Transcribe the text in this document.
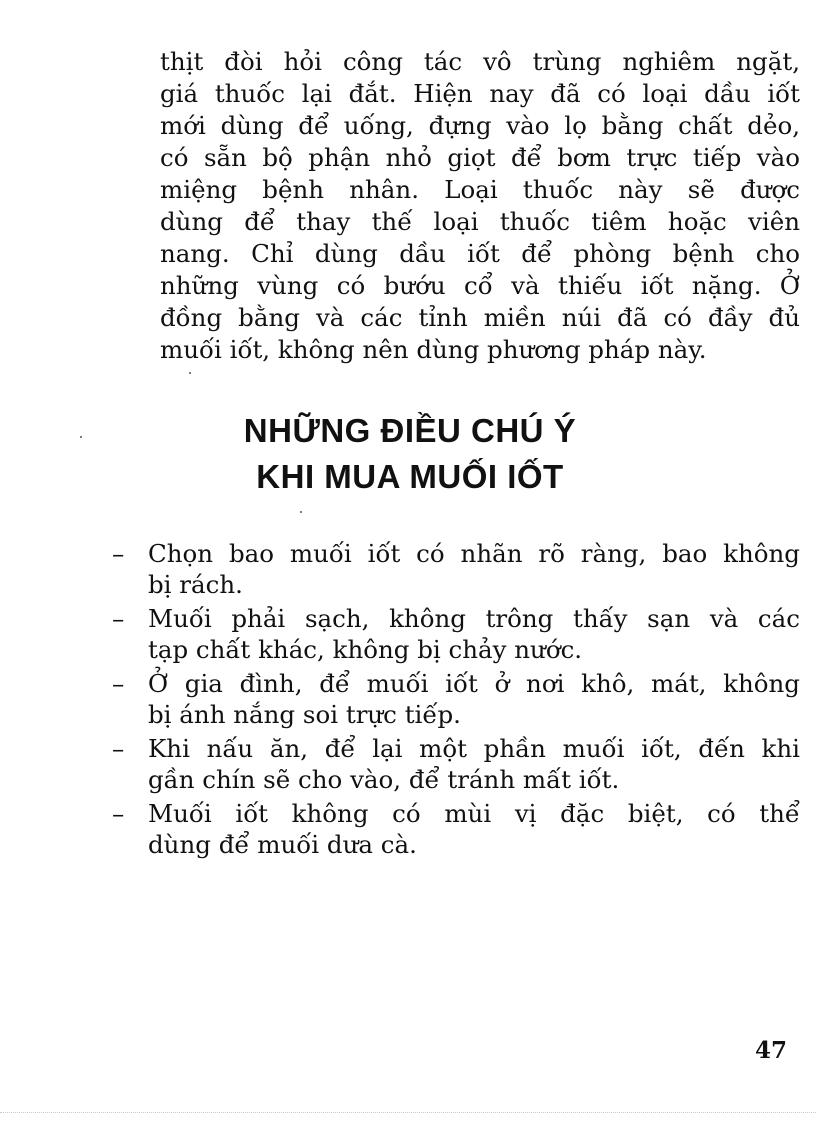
thịt đòi hỏi công tác vô trùng nghiêm ngặt,
giá thuốc lại đắt. Hiện nay đã có loại dầu iốt
mới dùng để uống, đựng vào lọ bằng chất dẻo,
có sẵn bộ phận nhỏ giọt để bơm trực tiếp vào
miệng bệnh nhân. Loại thuốc này sẽ được
dùng để thay thế loại thuốc tiêm hoặc viên
nang. Chỉ dùng dầu iốt để phòng bệnh cho
những vùng có bướu cổ và thiếu iốt nặng. Ở
đồng bằng và các tỉnh miền núi đã có đầy đủ
muối iốt, không nên dùng phương pháp này.
NHỮNG ĐIỀU CHÚ Ý
KHI MUA MUỐI IỐT
– Chọn bao muối iốt có nhãn rõ ràng, bao không
bị rách.
– Muối phải sạch, không trông thấy sạn và các
tạp chất khác, không bị chảy nước.
– Ở gia đình, để muối iốt ở nơi khô, mát, không
bị ánh nắng soi trực tiếp.
– Khi nấu ăn, để lại một phần muối iốt, đến khi
gần chín sẽ cho vào, để tránh mất iốt.
– Muối iốt không có mùi vị đặc biệt, có thể
dùng để muối dưa cà.
47
